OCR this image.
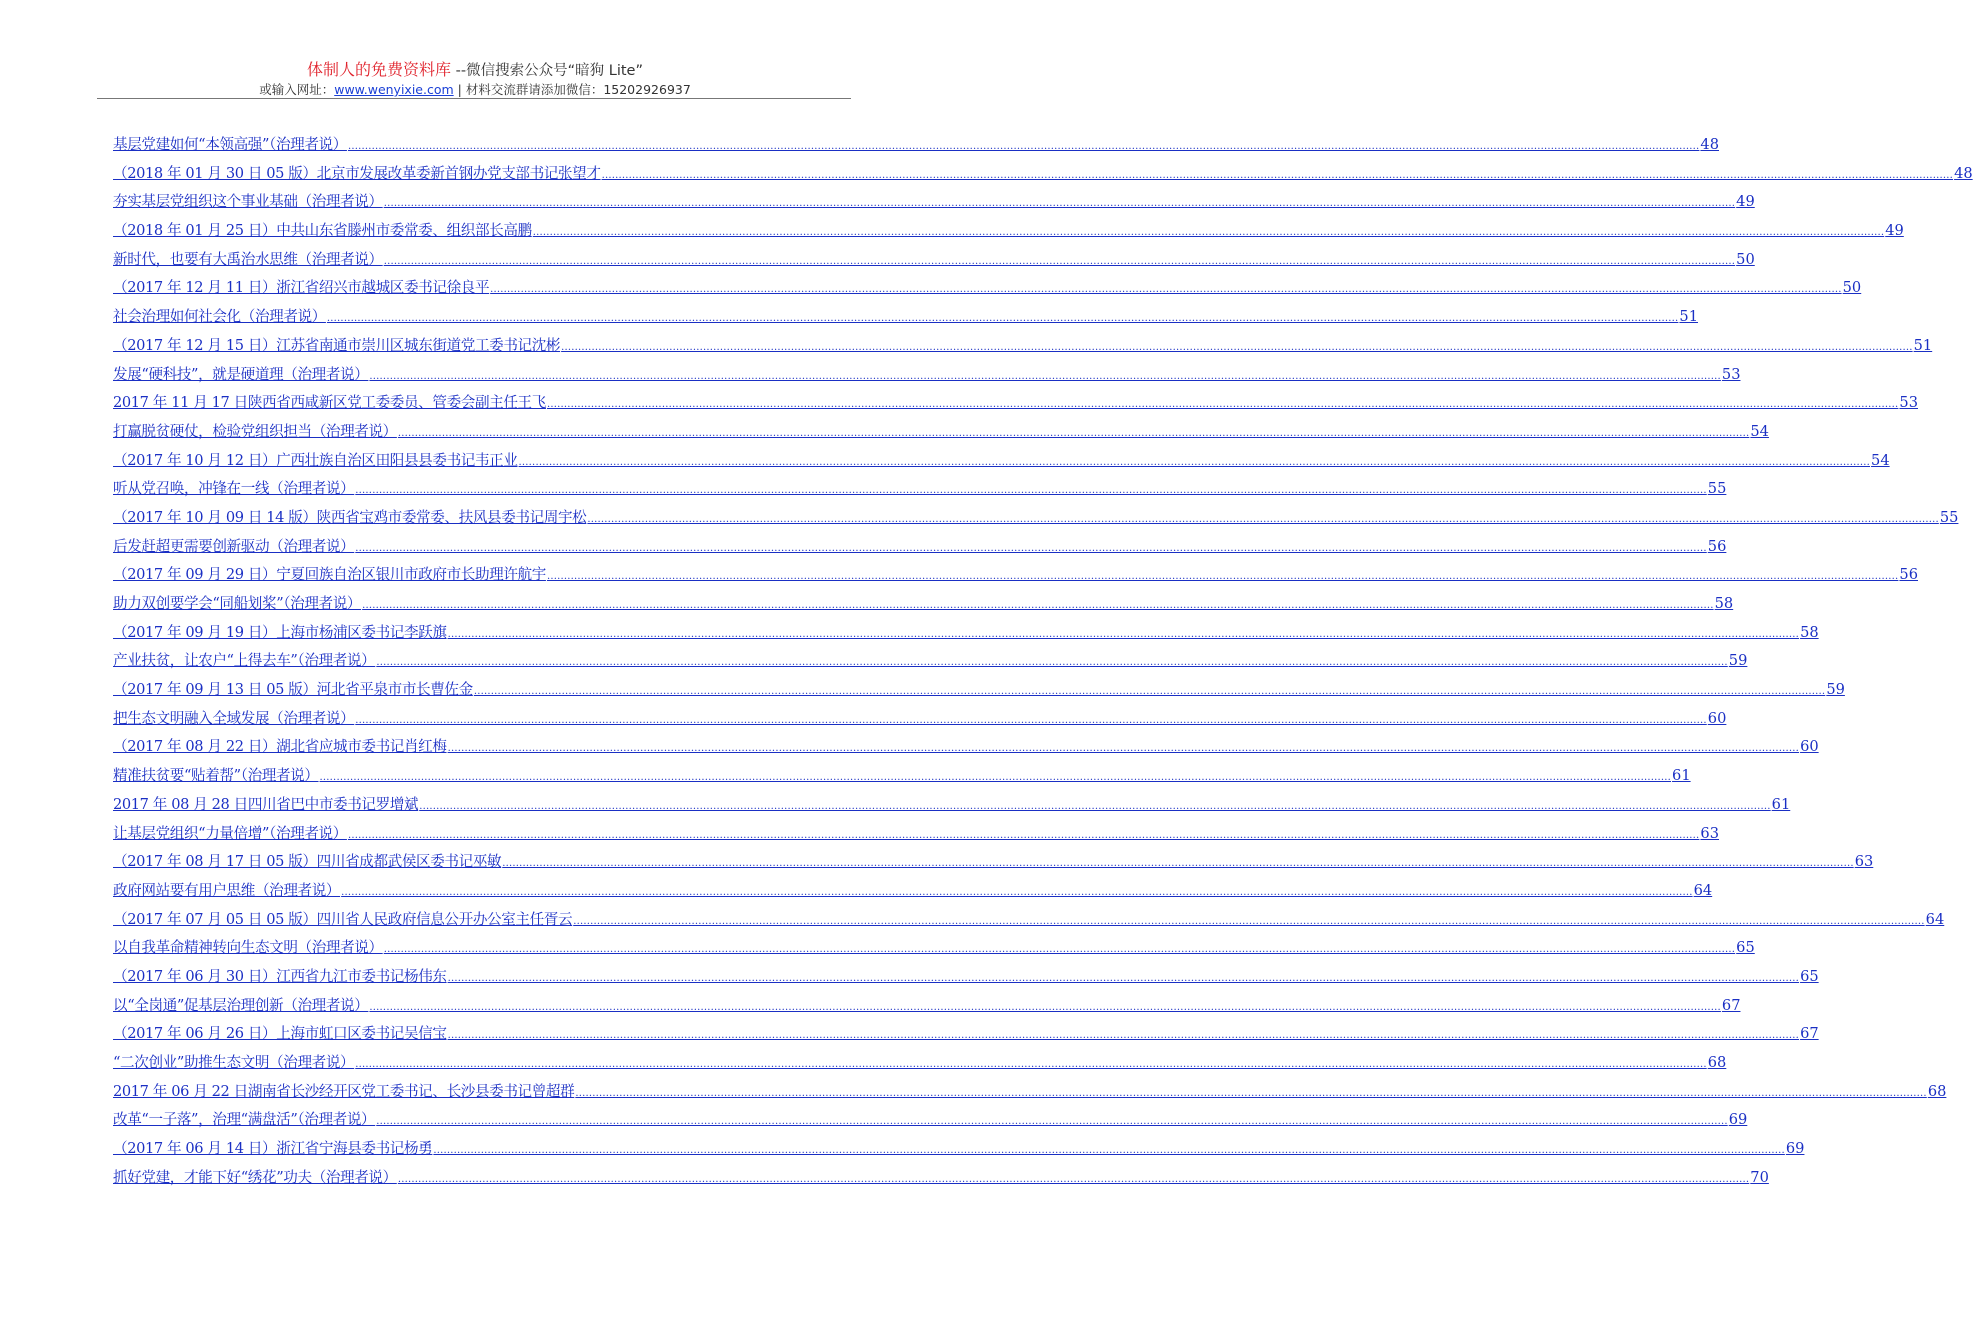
体制人的免费资料库 --微信搜索公众号“暗狗 Lite”
或输入网址：www.wenyixie.com | 材料交流群请添加微信：15202926937
基层党建如何“本领高强”（治理者说） ................................................................................................................................................................................................................................................................................................................................................................................................................ 48
（2018 年 01 月 30 日 05 版）北京市发展改革委新首钢办党支部书记张望才 ................................................................................................................................................................................................................................................................................................................................................................................................................ 48
夯实基层党组织这个事业基础（治理者说） ................................................................................................................................................................................................................................................................................................................................................................................................................ 49
（2018 年 01 月 25 日）中共山东省滕州市委常委、组织部长高鹏 ................................................................................................................................................................................................................................................................................................................................................................................................................ 49
新时代，也要有大禹治水思维（治理者说） ................................................................................................................................................................................................................................................................................................................................................................................................................ 50
（2017 年 12 月 11 日）浙江省绍兴市越城区委书记徐良平 ................................................................................................................................................................................................................................................................................................................................................................................................................ 50
社会治理如何社会化（治理者说） ................................................................................................................................................................................................................................................................................................................................................................................................................ 51
（2017 年 12 月 15 日）江苏省南通市崇川区城东街道党工委书记沈彬 ................................................................................................................................................................................................................................................................................................................................................................................................................ 51
发展“硬科技”，就是硬道理（治理者说） ................................................................................................................................................................................................................................................................................................................................................................................................................ 53
2017 年 11 月 17 日陕西省西咸新区党工委委员、管委会副主任王飞 ................................................................................................................................................................................................................................................................................................................................................................................................................ 53
打赢脱贫硬仗，检验党组织担当（治理者说） ................................................................................................................................................................................................................................................................................................................................................................................................................ 54
（2017 年 10 月 12 日）广西壮族自治区田阳县县委书记韦正业 ................................................................................................................................................................................................................................................................................................................................................................................................................ 54
听从党召唤，冲锋在一线（治理者说） ................................................................................................................................................................................................................................................................................................................................................................................................................ 55
（2017 年 10 月 09 日 14 版）陕西省宝鸡市委常委、扶风县委书记周宇松 ................................................................................................................................................................................................................................................................................................................................................................................................................ 55
后发赶超更需要创新驱动（治理者说） ................................................................................................................................................................................................................................................................................................................................................................................................................ 56
（2017 年 09 月 29 日）宁夏回族自治区银川市政府市长助理许航宇 ................................................................................................................................................................................................................................................................................................................................................................................................................ 56
助力双创要学会“同船划桨”（治理者说） ................................................................................................................................................................................................................................................................................................................................................................................................................ 58
（2017 年 09 月 19 日）上海市杨浦区委书记李跃旗 ................................................................................................................................................................................................................................................................................................................................................................................................................ 58
产业扶贫，让农户“上得去车”（治理者说） ................................................................................................................................................................................................................................................................................................................................................................................................................ 59
（2017 年 09 月 13 日 05 版）河北省平泉市市长曹佐金 ................................................................................................................................................................................................................................................................................................................................................................................................................ 59
把生态文明融入全域发展（治理者说） ................................................................................................................................................................................................................................................................................................................................................................................................................ 60
（2017 年 08 月 22 日）湖北省应城市委书记肖红梅 ................................................................................................................................................................................................................................................................................................................................................................................................................ 60
精准扶贫要“贴着帮”（治理者说） ................................................................................................................................................................................................................................................................................................................................................................................................................ 61
2017 年 08 月 28 日四川省巴中市委书记罗增斌 ................................................................................................................................................................................................................................................................................................................................................................................................................ 61
让基层党组织“力量倍增”（治理者说） ................................................................................................................................................................................................................................................................................................................................................................................................................ 63
（2017 年 08 月 17 日 05 版）四川省成都武侯区委书记巫敏 ................................................................................................................................................................................................................................................................................................................................................................................................................ 63
政府网站要有用户思维（治理者说） ................................................................................................................................................................................................................................................................................................................................................................................................................ 64
（2017 年 07 月 05 日 05 版）四川省人民政府信息公开办公室主任胥云 ................................................................................................................................................................................................................................................................................................................................................................................................................ 64
以自我革命精神转向生态文明（治理者说） ................................................................................................................................................................................................................................................................................................................................................................................................................ 65
（2017 年 06 月 30 日）江西省九江市委书记杨伟东 ................................................................................................................................................................................................................................................................................................................................................................................................................ 65
以“全岗通”促基层治理创新（治理者说） ................................................................................................................................................................................................................................................................................................................................................................................................................ 67
（2017 年 06 月 26 日）上海市虹口区委书记吴信宝 ................................................................................................................................................................................................................................................................................................................................................................................................................ 67
“二次创业”助推生态文明（治理者说） ................................................................................................................................................................................................................................................................................................................................................................................................................ 68
2017 年 06 月 22 日湖南省长沙经开区党工委书记、长沙县委书记曾超群 ................................................................................................................................................................................................................................................................................................................................................................................................................ 68
改革“一子落”，治理“满盘活”（治理者说） ................................................................................................................................................................................................................................................................................................................................................................................................................ 69
（2017 年 06 月 14 日）浙江省宁海县委书记杨勇 ................................................................................................................................................................................................................................................................................................................................................................................................................ 69
抓好党建，才能下好“绣花”功夫（治理者说） ................................................................................................................................................................................................................................................................................................................................................................................................................ 70
